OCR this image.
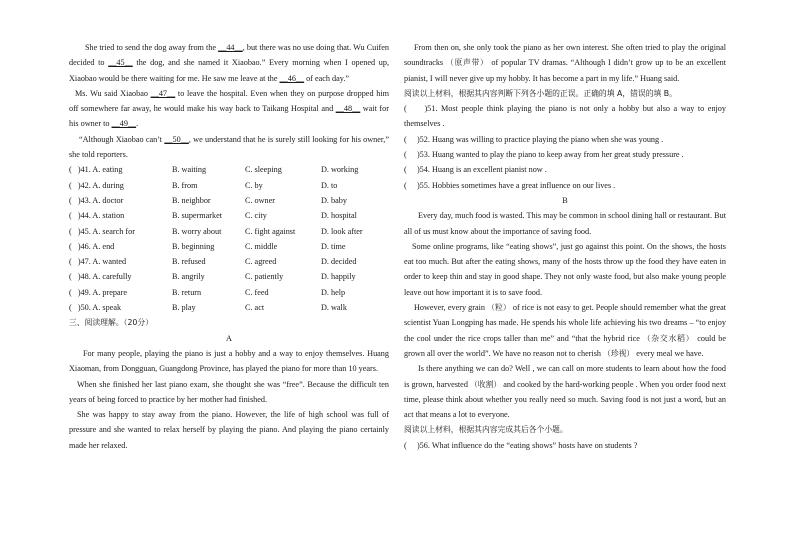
She tried to send the dog away from the __44__, but there was no use doing that. Wu Cuifen decided to __45__ the dog, and she named it Xiaobao.” Every morning when I opened up, Xiaobao would be there waiting for me. He saw me leave at the __46__ of each day.”
Ms. Wu said Xiaobao __47__ to leave the hospital. Even when they on purpose dropped him off somewhere far away, he would make his way back to Taikang Hospital and __48__ wait for his owner to __49__.
“Although Xiaobao can’t __50__, we understand that he is surely still looking for his owner,” she told reporters.
(   )41. A. eating	B. waiting	C. sleeping	D. working
(   )42. A. during	B. from	C. by	D. to
(   )43. A. doctor	B. neighbor	C. owner	D. baby
(   )44. A. station	B. supermarket	C. city	D. hospital
(   )45. A. search for	B. worry about	C. fight against	D. look after
(   )46. A. end	B. beginning	C. middle	D. time
(   )47. A. wanted	B. refused	C. agreed	D. decided
(   )48. A. carefully	B. angrily	C. patiently	D. happily
(   )49. A. prepare	B. return	C. feed	D. help
(   )50. A. speak	B. play	C. act	D. walk
三、阅读理解。（20分）
A
For many people, playing the piano is just a hobby and a way to enjoy themselves. Huang Xiaoman, from Dongguan, Guangdong Province, has played the piano for more than 10 years.
When she finished her last piano exam, she thought she was “free”. Because the difficult ten years of being forced to practice by her mother had finished.
She was happy to stay away from the piano. However, the life of high school was full of pressure and she wanted to relax herself by playing the piano. And playing the piano certainly made her relaxed.
From then on, she only took the piano as her own interest. She often tried to play the original soundtracks （原声带） of popular TV dramas. “Although I didn’t grow up to be an excellent pianist, I will never give up my hobby. It has become a part in my life.” Huang said.
阅读以上材料，根据其内容判断下列各小题的正误。正确的填 A，错误的填 B。
(     )51. Most people think playing the piano is not only a hobby but also a way to enjoy themselves .
(     )52. Huang was willing to practice playing the piano when she was young .
(     )53. Huang wanted to play the piano to keep away from her great study pressure .
(     )54. Huang is an excellent pianist now .
(     )55. Hobbies sometimes have a great influence on our lives .
B
Every day, much food is wasted. This may be common in school dining hall or restaurant. But all of us must know about the importance of saving food.
Some online programs, like “eating shows”, just go against this point. On the shows, the hosts eat too much. But after the eating shows, many of the hosts throw up the food they have eaten in order to keep thin and stay in good shape. They not only waste food, but also make young people leave out how important it is to save food.
However, every grain （粒） of rice is not easy to get. People should remember what the great scientist Yuan Longping has made. He spends his whole life achieving his two dreams – “to enjoy the cool under the rice crops taller than me” and “that the hybrid rice （杂交水稻） could be grown all over the world”. We have no reason not to cherish （珍视） every meal we have.
Is there anything we can do? Well , we can call on more students to learn about how the food is grown, harvested （收割） and cooked by the hard-working people . When you order food next time, please think about whether you really need so much. Saving food is not just a word, but an act that means a lot to everyone.
阅读以上材料，根据其内容完成其后各个小题。
(     )56. What influence do the “eating shows” hosts have on students ?
